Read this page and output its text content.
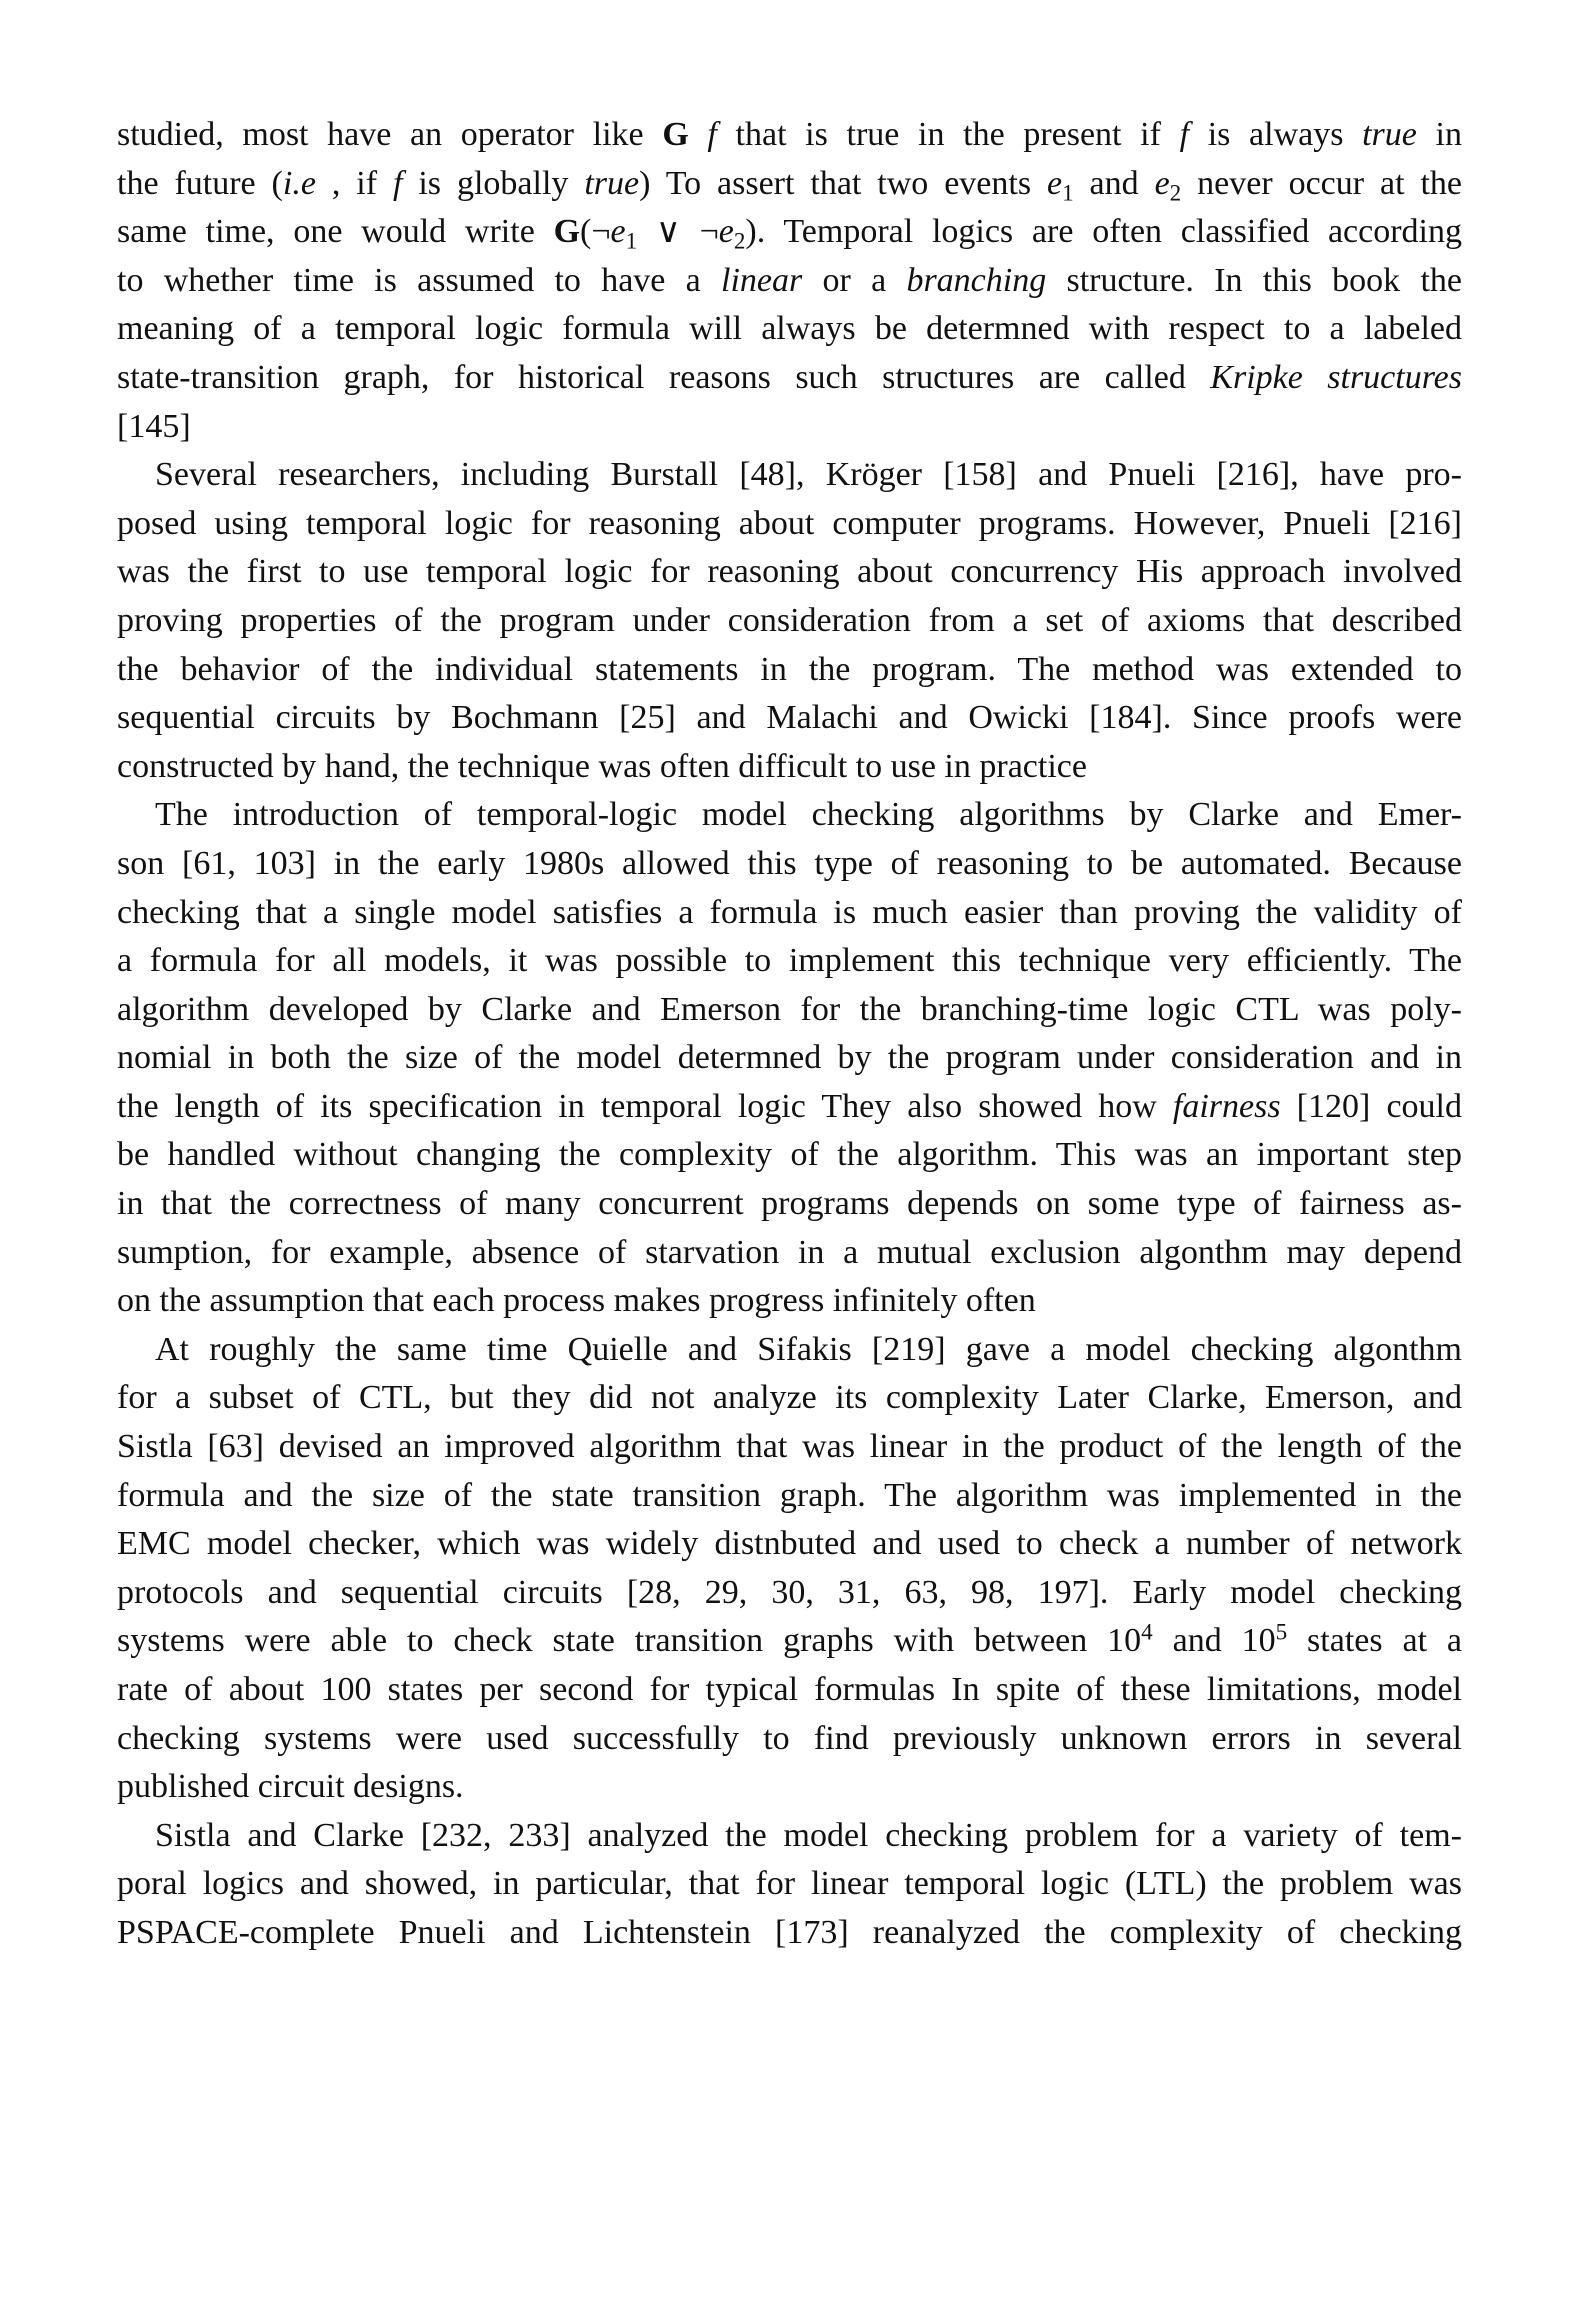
studied, most have an operator like G f that is true in the present if f is always true in
the future (i.e , if f is globally true) To assert that two events $e_1$ and $e_2$ never occur at the
same time, one would write $G(\neg e_1$ ∨ $\neg e_2$). Temporal logics are often classified according
to whether time is assumed to have a linear or a branching structure. In this book the
meaning of a temporal logic formula will always be determned with respect to a labeled
state-transition graph, for historical reasons such structures are called Kripke structures
[145]
Several researchers, including Burstall [48], Kröger [158] and Pnueli [216], have pro-
posed using temporal logic for reasoning about computer programs. However, Pnueli [216]
was the first to use temporal logic for reasoning about concurrency His approach involved
proving properties of the program under consideration from a set of axioms that described
the behavior of the individual statements in the program. The method was extended to
sequential circuits by Bochmann [25] and Malachi and Owicki [184]. Since proofs were
constructed by hand, the technique was often difficult to use in practice
The introduction of temporal-logic model checking algorithms by Clarke and Emer-
son [61, 103] in the early 1980s allowed this type of reasoning to be automated. Because
checking that a single model satisfies a formula is much easier than proving the validity of
a formula for all models, it was possible to implement this technique very efficiently. The
algorithm developed by Clarke and Emerson for the branching-time logic CTL was poly-
nomial in both the size of the model determned by the program under consideration and in
the length of its specification in temporal logic They also showed how fairness [120] could
be handled without changing the complexity of the algorithm. This was an important step
in that the correctness of many concurrent programs depends on some type of fairness as-
sumption, for example, absence of starvation in a mutual exclusion algonthm may depend
on the assumption that each process makes progress infinitely often
At roughly the same time Quielle and Sifakis [219] gave a model checking algonthm
for a subset of CTL, but they did not analyze its complexity Later Clarke, Emerson, and
Sistla [63] devised an improved algorithm that was linear in the product of the length of the
formula and the size of the state transition graph. The algorithm was implemented in the
EMC model checker, which was widely distnbuted and used to check a number of network
protocols and sequential circuits [28, 29, 30, 31, 63, 98, 197]. Early model checking
systems were able to check state transition graphs with between $10^4$ and $10^5$ states at a
rate of about 100 states per second for typical formulas In spite of these limitations, model
checking systems were used successfully to find previously unknown errors in several
published circuit designs.
Sistla and Clarke [232, 233] analyzed the model checking problem for a variety of tem-
poral logics and showed, in particular, that for linear temporal logic (LTL) the problem was
PSPACE-complete Pnueli and Lichtenstein [173] reanalyzed the complexity of checking
